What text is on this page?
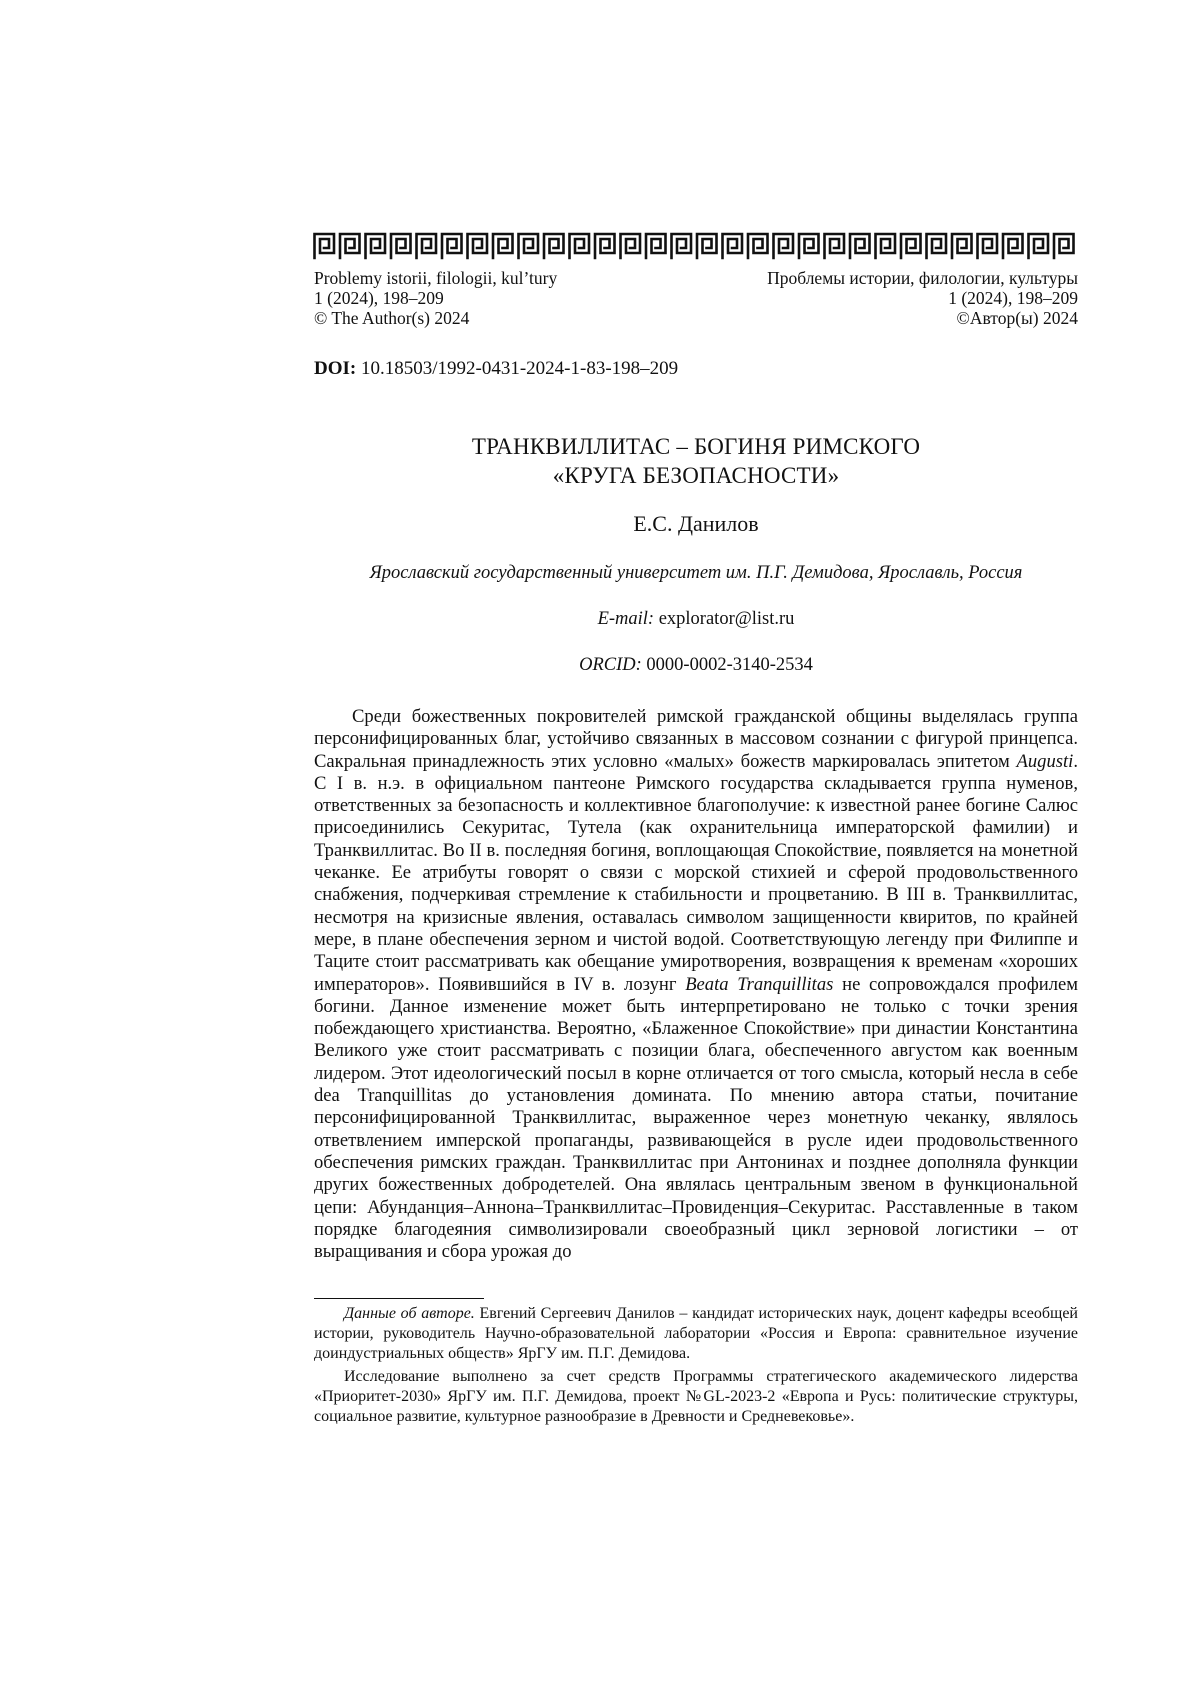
Problemy istorii, filologii, kul’tury
1 (2024), 198–209
© The Author(s) 2024
Проблемы истории, филологии, культуры
1 (2024), 198–209
©Автор(ы) 2024
DOI: 10.18503/1992-0431-2024-1-83-198–209
ТРАНКВИЛЛИТАС – БОГИНЯ РИМСКОГО
«КРУГА БЕЗОПАСНОСТИ»
Е.С. Данилов
Ярославский государственный университет им. П.Г. Демидова, Ярославль, Россия
E-mail: explorator@list.ru
ORCID: 0000-0002-3140-2534

Среди божественных покровителей римской гражданской общины выделялась группа персонифицированных благ, устойчиво связанных в массовом сознании с фигурой принцепса. Сакральная принадлежность этих условно «малых» божеств маркировалась эпитетом Augusti. С I в. н.э. в официальном пантеоне Римского государства складывается группа нуменов, ответственных за безопасность и коллективное благополучие: к известной ранее богине Салюс присоединились Секуритас, Тутела (как охранительница императорской фамилии) и Транквиллитас. Во II в. последняя богиня, воплощающая Спокойствие, появляется на монетной чеканке. Ее атрибуты говорят о связи с морской стихией и сферой продовольственного снабжения, подчеркивая стремление к стабильности и процветанию. В III в. Транквиллитас, несмотря на кризисные явления, оставалась символом защищенности квиритов, по крайней мере, в плане обеспечения зерном и чистой водой. Соответствующую легенду при Филиппе и Таците стоит рассматривать как обещание умиротворения, возвращения к временам «хороших императоров». Появившийся в IV в. лозунг Beata Tranquillitas не сопровождался профилем богини. Данное изменение может быть интерпретировано не только с точки зрения побеждающего христианства. Вероятно, «Блаженное Спокойствие» при династии Константина Великого уже стоит рассматривать с позиции блага, обеспеченного августом как военным лидером. Этот идеологический посыл в корне отличается от того смысла, который несла в себе dea Tranquillitas до установления домината. По мнению автора статьи, почитание персонифицированной Транквиллитас, выраженное через монетную чеканку, являлось ответвлением имперской пропаганды, развивающейся в русле идеи продовольственного обеспечения римских граждан. Транквиллитас при Антонинах и позднее дополняла функции других божественных добродетелей. Она являлась центральным звеном в функциональной цепи: Абунданция–Аннона–Транквиллитас–Провиденция–Секуритас. Расставленные в таком порядке благодеяния символизировали своеобразный цикл зерновой логистики – от выращивания и сбора урожая до

Данные об авторе. Евгений Сергеевич Данилов – кандидат исторических наук, доцент кафедры всеобщей истории, руководитель Научно-образовательной лаборатории «Россия и Европа: сравнительное изучение доиндустриальных обществ» ЯрГУ им. П.Г. Демидова.

Исследование выполнено за счет средств Программы стратегического академического лидерства «Приоритет-2030» ЯрГУ им. П.Г. Демидова, проект №GL-2023-2 «Европа и Русь: политические структуры, социальное развитие, культурное разнообразие в Древности и Средневековье».
